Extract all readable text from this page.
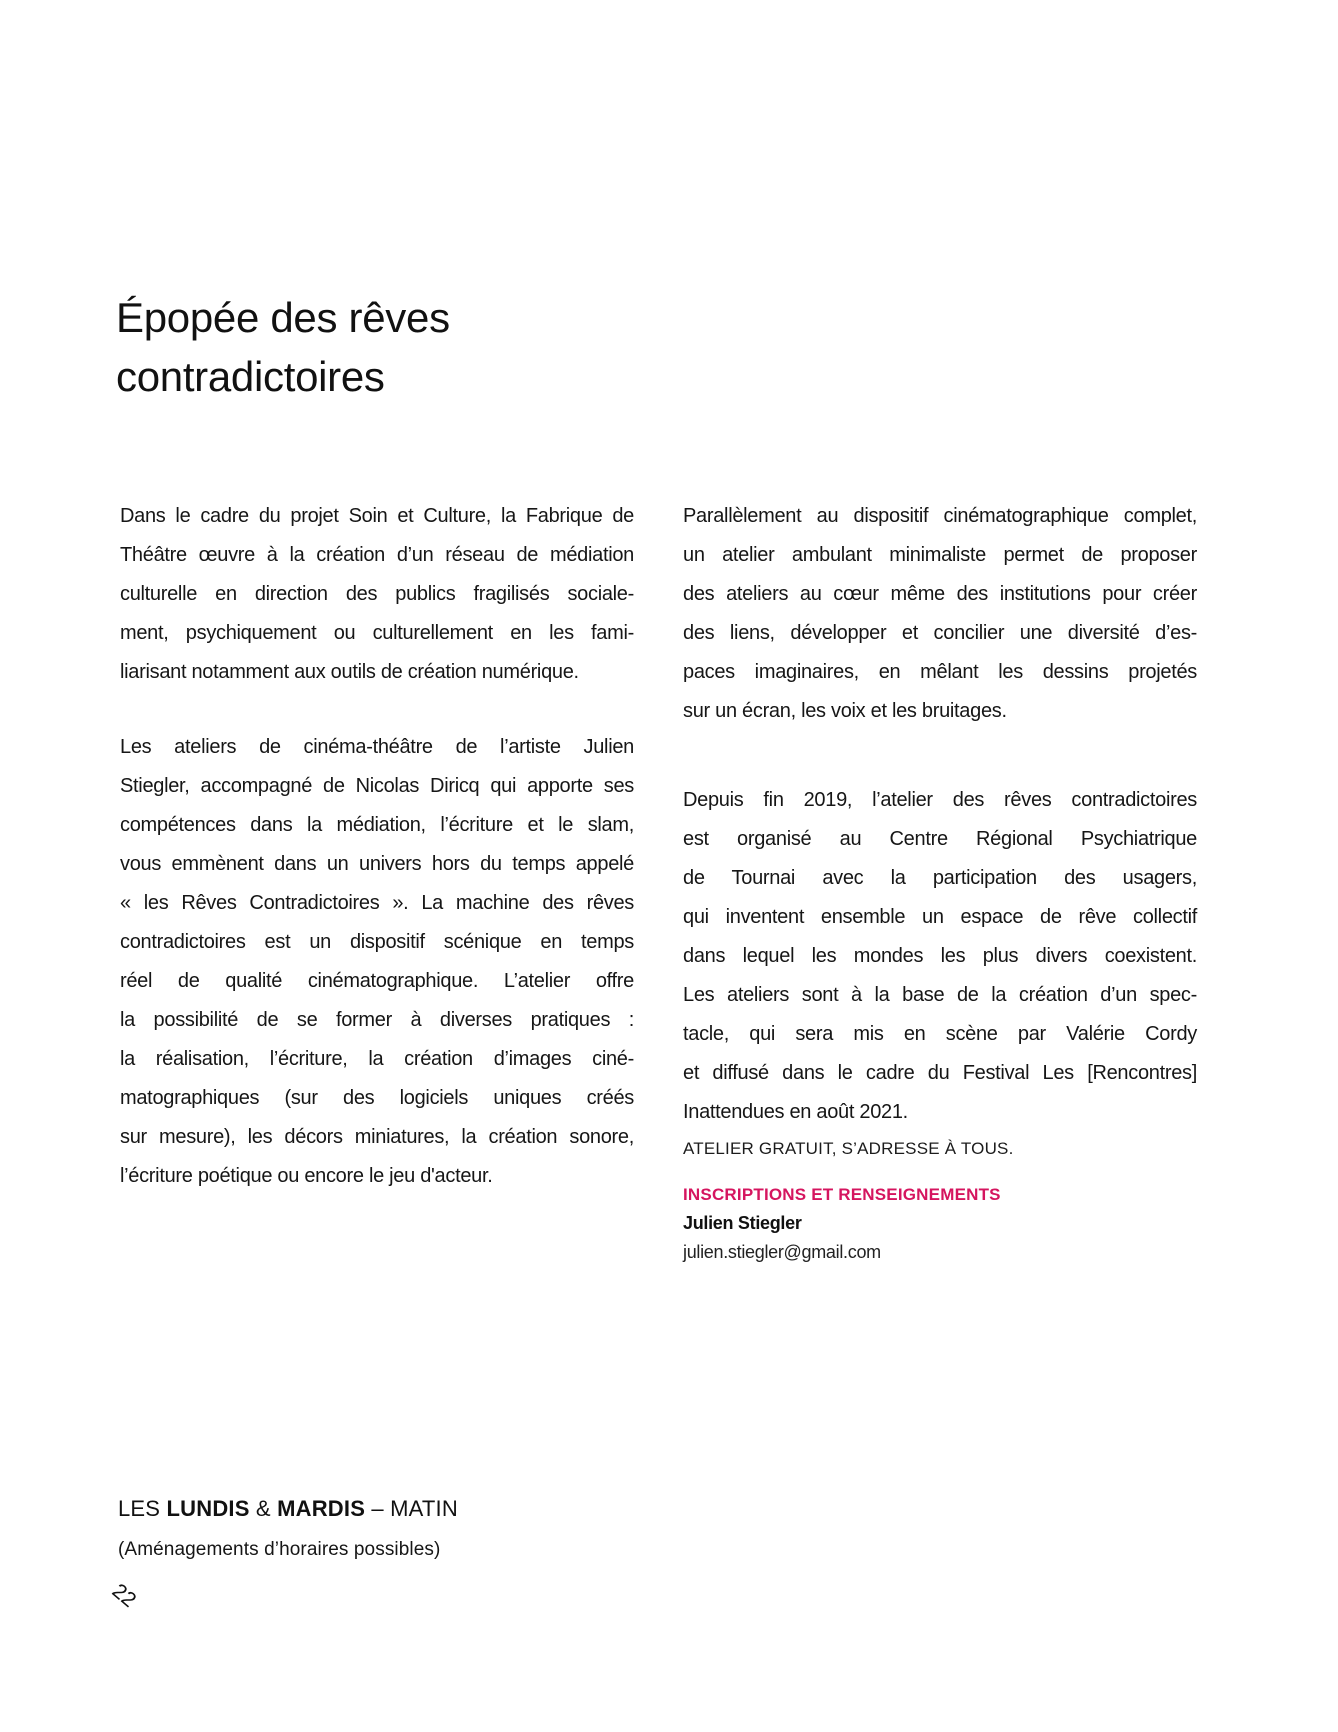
Épopée des rêves
contradictoires
Dans le cadre du projet Soin et Culture, la Fabrique de
Théâtre œuvre à la création d’un réseau de médiation
culturelle en direction des publics fragilisés sociale-
ment, psychiquement ou culturellement en les fami-
liarisant notamment aux outils de création numérique.
Les ateliers de cinéma-théâtre de l’artiste Julien
Stiegler, accompagné de Nicolas Diricq qui apporte ses
compétences dans la médiation, l’écriture et le slam,
vous emmènent dans un univers hors du temps appelé
« les Rêves Contradictoires ». La machine des rêves
contradictoires est un dispositif scénique en temps
réel de qualité cinématographique. L’atelier offre
la possibilité de se former à diverses pratiques :
la réalisation, l’écriture, la création d’images ciné-
matographiques (sur des logiciels uniques créés
sur mesure), les décors miniatures, la création sonore,
l’écriture poétique ou encore le jeu d'acteur.
Parallèlement au dispositif cinématographique complet,
un atelier ambulant minimaliste permet de proposer
des ateliers au cœur même des institutions pour créer
des liens, développer et concilier une diversité d’es-
paces imaginaires, en mêlant les dessins projetés
sur un écran, les voix et les bruitages.
Depuis fin 2019, l’atelier des rêves contradictoires
est organisé au Centre Régional Psychiatrique
de Tournai avec la participation des usagers,
qui inventent ensemble un espace de rêve collectif
dans lequel les mondes les plus divers coexistent.
Les ateliers sont à la base de la création d’un spec-
tacle, qui sera mis en scène par Valérie Cordy
et diffusé dans le cadre du Festival Les [Rencontres]
Inattendues en août 2021.
ATELIER GRATUIT, S’ADRESSE À TOUS.
INSCRIPTIONS ET RENSEIGNEMENTS
Julien Stiegler
julien.stiegler@gmail.com
LES LUNDIS & MARDIS – MATIN
(Aménagements d’horaires possibles)
22
